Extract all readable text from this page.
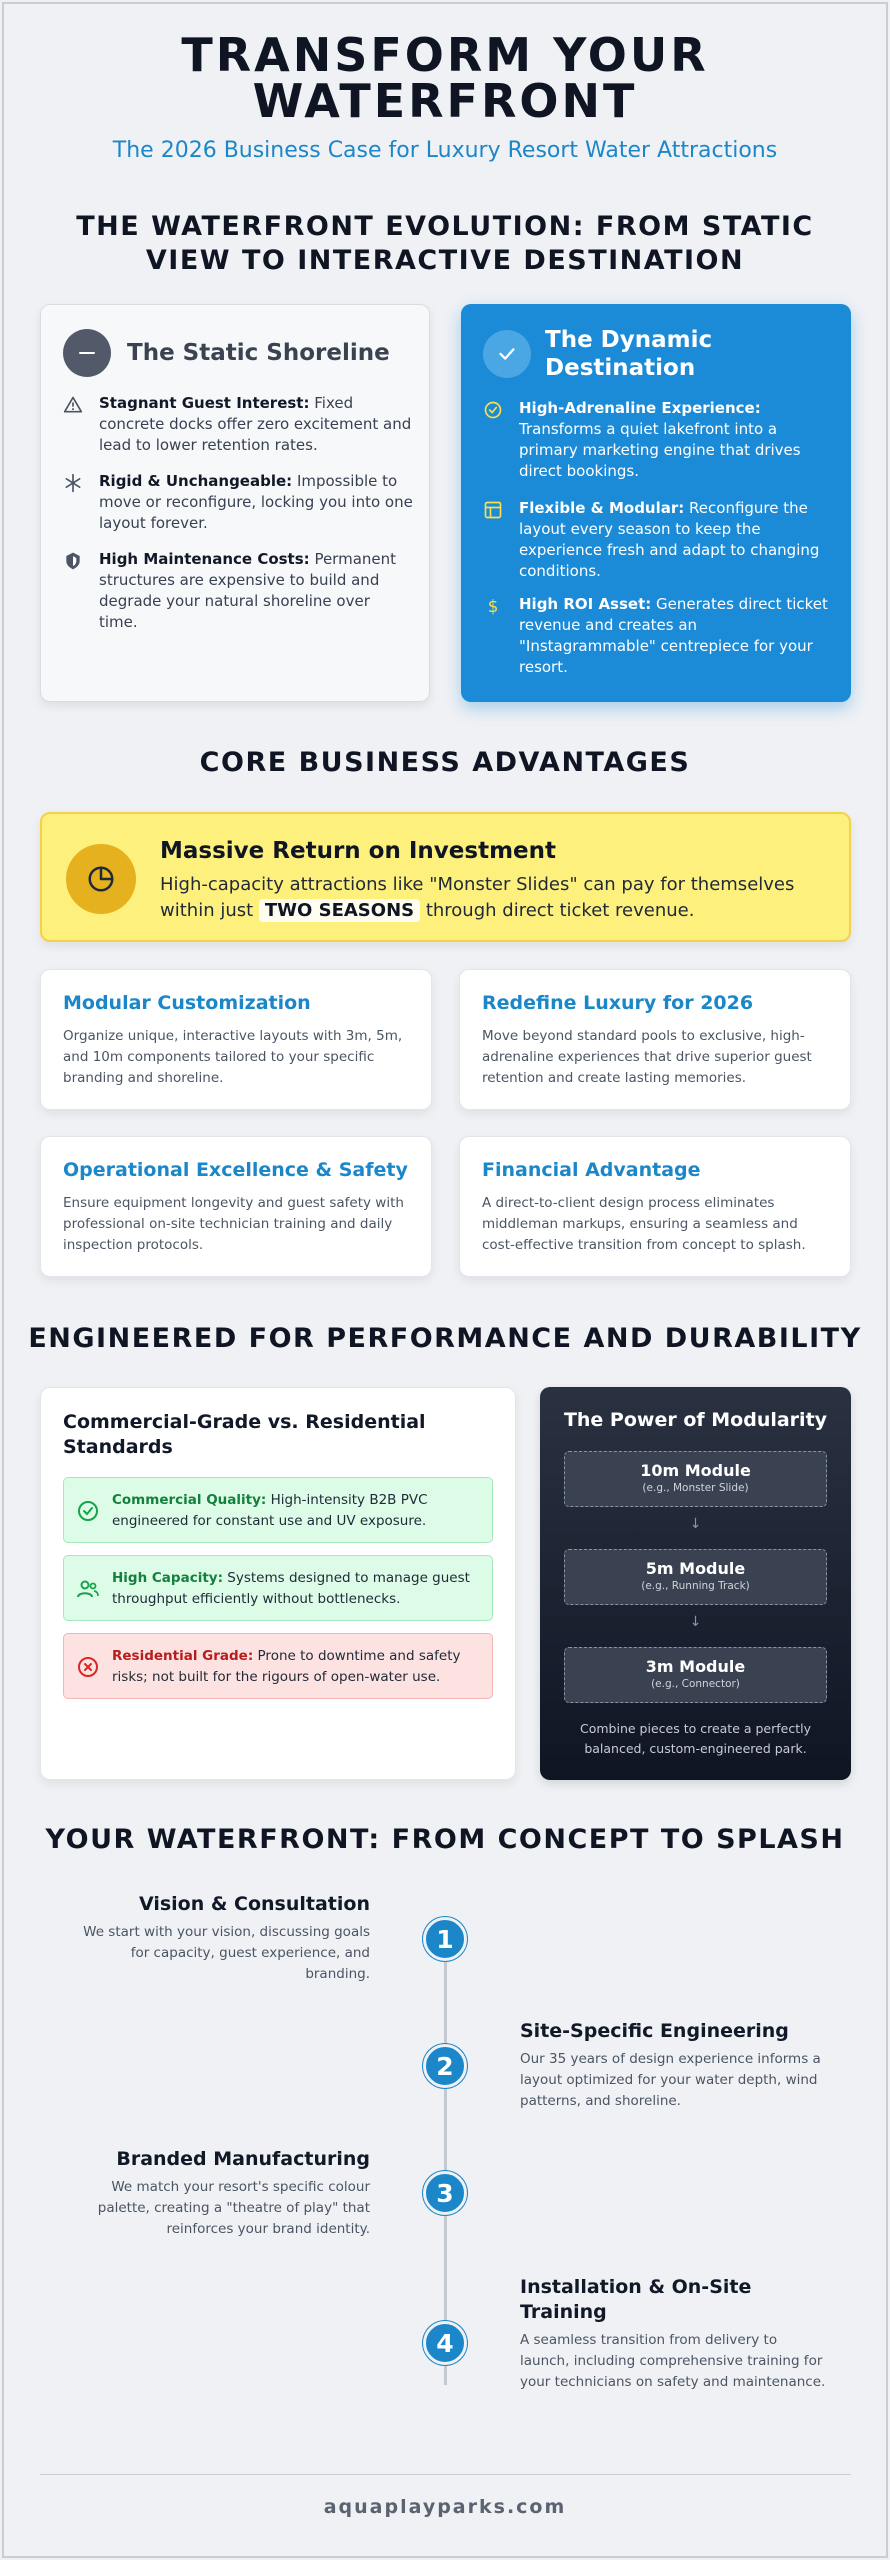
TRANSFORM YOUR WATERFRONT
The 2026 Business Case for Luxury Resort Water Attractions
THE WATERFRONT EVOLUTION: FROM STATIC VIEW TO INTERACTIVE DESTINATION
The Static Shoreline
Stagnant Guest Interest: Fixed concrete docks offer zero excitement and lead to lower retention rates.
Rigid & Unchangeable: Impossible to move or reconfigure, locking you into one layout forever.
High Maintenance Costs: Permanent structures are expensive to build and degrade your natural shoreline over time.
The Dynamic Destination
High-Adrenaline Experience: Transforms a quiet lakefront into a primary marketing engine that drives direct bookings.
Flexible & Modular: Reconfigure the layout every season to keep the experience fresh and adapt to changing conditions.
$ High ROI Asset: Generates direct ticket revenue and creates an "Instagrammable" centrepiece for your resort.
CORE BUSINESS ADVANTAGES
Massive Return on Investment
High-capacity attractions like "Monster Slides" can pay for themselves within just TWO SEASONS through direct ticket revenue.
Modular Customization
Organize unique, interactive layouts with 3m, 5m, and 10m components tailored to your specific branding and shoreline.
Redefine Luxury for 2026
Move beyond standard pools to exclusive, high-adrenaline experiences that drive superior guest retention and create lasting memories.
Operational Excellence & Safety
Ensure equipment longevity and guest safety with professional on-site technician training and daily inspection protocols.
Financial Advantage
A direct-to-client design process eliminates middleman markups, ensuring a seamless and cost-effective transition from concept to splash.
ENGINEERED FOR PERFORMANCE AND DURABILITY
Commercial-Grade vs. Residential Standards
Commercial Quality: High-intensity B2B PVC engineered for constant use and UV exposure.
High Capacity: Systems designed to manage guest throughput efficiently without bottlenecks.
Residential Grade: Prone to downtime and safety risks; not built for the rigours of open-water use.
The Power of Modularity
10m Module
(e.g., Monster Slide)
↓
5m Module
(e.g., Running Track)
↓
3m Module
(e.g., Connector)
Combine pieces to create a perfectly balanced, custom-engineered park.
YOUR WATERFRONT: FROM CONCEPT TO SPLASH
1
Vision & Consultation
We start with your vision, discussing goals for capacity, guest experience, and branding.
2
Site-Specific Engineering
Our 35 years of design experience informs a layout optimized for your water depth, wind patterns, and shoreline.
3
Branded Manufacturing
We match your resort's specific colour palette, creating a "theatre of play" that reinforces your brand identity.
4
Installation & On-Site Training
A seamless transition from delivery to launch, including comprehensive training for your technicians on safety and maintenance.
aquaplayparks.com
